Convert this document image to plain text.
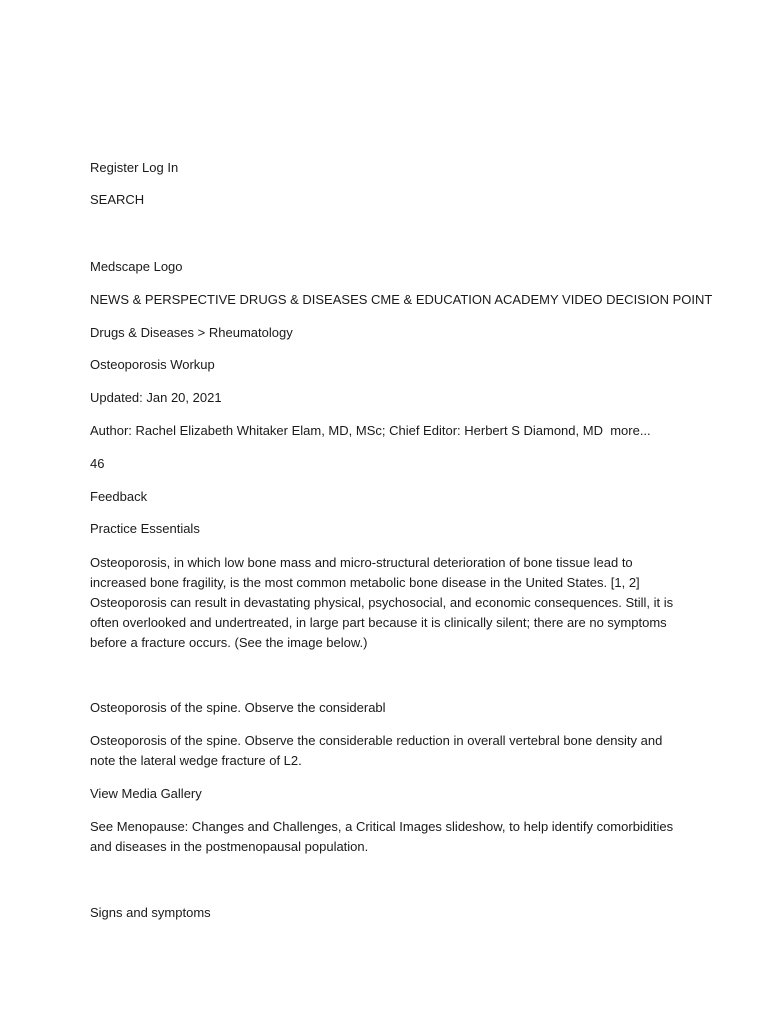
Register Log In
SEARCH
Medscape Logo
NEWS & PERSPECTIVE DRUGS & DISEASES CME & EDUCATION ACADEMY VIDEO DECISION POINT
Drugs & Diseases > Rheumatology
Osteoporosis Workup
Updated: Jan 20, 2021
Author: Rachel Elizabeth Whitaker Elam, MD, MSc; Chief Editor: Herbert S Diamond, MD more...
46
Feedback
Practice Essentials
Osteoporosis, in which low bone mass and micro-structural deterioration of bone tissue lead to increased bone fragility, is the most common metabolic bone disease in the United States. [1, 2] Osteoporosis can result in devastating physical, psychosocial, and economic consequences. Still, it is often overlooked and undertreated, in large part because it is clinically silent; there are no symptoms before a fracture occurs. (See the image below.)
Osteoporosis of the spine. Observe the considerabl
Osteoporosis of the spine. Observe the considerable reduction in overall vertebral bone density and note the lateral wedge fracture of L2.
View Media Gallery
See Menopause: Changes and Challenges, a Critical Images slideshow, to help identify comorbidities and diseases in the postmenopausal population.
Signs and symptoms
